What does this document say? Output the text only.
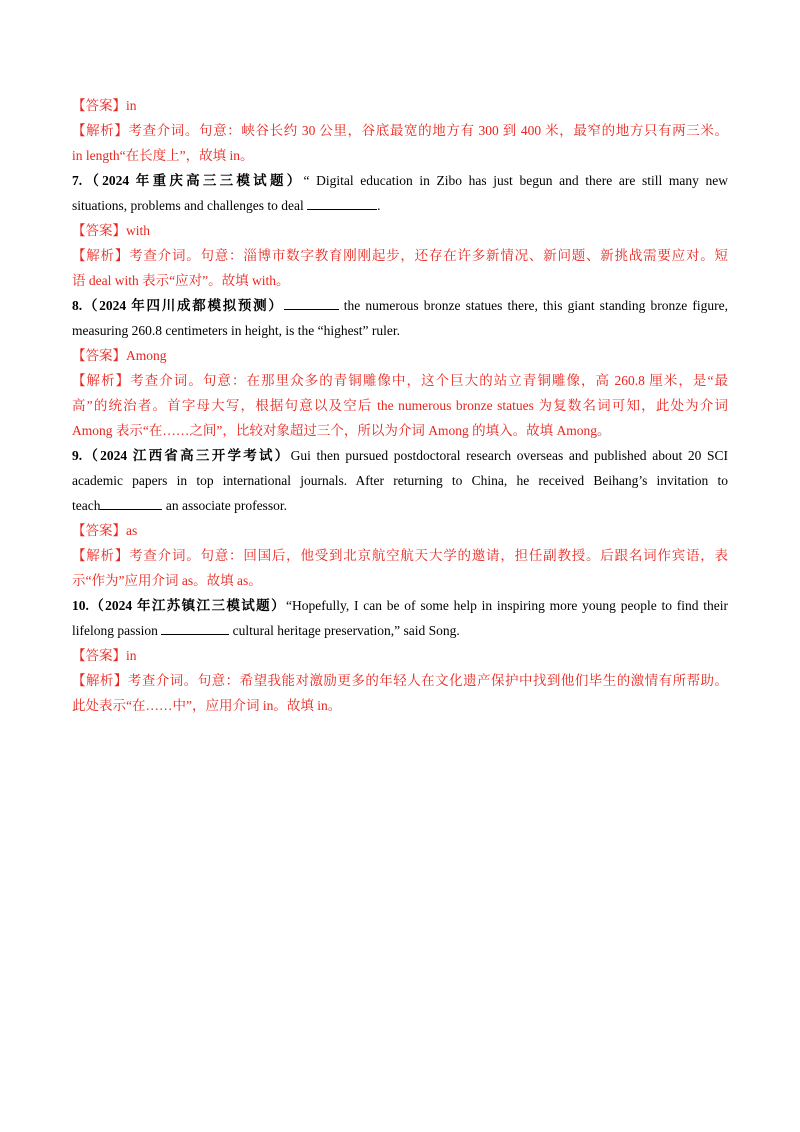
【答案】in
【解析】考查介词。句意：峡谷长约 30 公里，谷底最宽的地方有 300 到 400 米，最窄的地方只有两三米。
in length“在长度上”，故填 in。
7.（2024 年重庆高三三模试题）“ Digital education in Zibo has just begun and there are still many new
situations, problems and challenges to deal	.
【答案】with
【解析】考查介词。句意：淄博市数字教育刚刚起步，还存在许多新情况、新问题、新挑战需要应对。短
语 deal with 表示“应对”。故填 with。
8.（2024 年四川成都模拟预测）	the numerous bronze statues there, this giant standing bronze figure,
measuring 260.8 centimeters in height, is the “highest” ruler.
【答案】Among
【解析】考查介词。句意：在那里众多的青铜雕像中，这个巨大的站立青铜雕像，高 260.8 厘米，是“最
高”的统治者。首字母大写，根据句意以及空后 the numerous bronze statues 为复数名词可知，此处为介词
Among 表示“在……之间”，比较对象超过三个，所以为介词 Among 的填入。故填 Among。
9.（2024 江西省高三开学考试）Gui then pursued postdoctoral research overseas and published about 20 SCI
academic papers in top international journals. After returning to China, he received Beihang’s invitation to
teach	an associate professor.
【答案】as
【解析】考查介词。句意：回国后，他受到北京航空航天大学的邀请，担任副教授。后跟名词作宾语，表
示“作为”应用介词 as。故填 as。
10.（2024 年江苏镇江三模试题）“Hopefully, I can be of some help in inspiring more young people to find their
lifelong passion	cultural heritage preservation,” said Song.
【答案】in
【解析】考查介词。句意：希望我能对激励更多的年轻人在文化遗产保护中找到他们毕生的激情有所帮助。
此处表示“在……中”，应用介词 in。故填 in。
